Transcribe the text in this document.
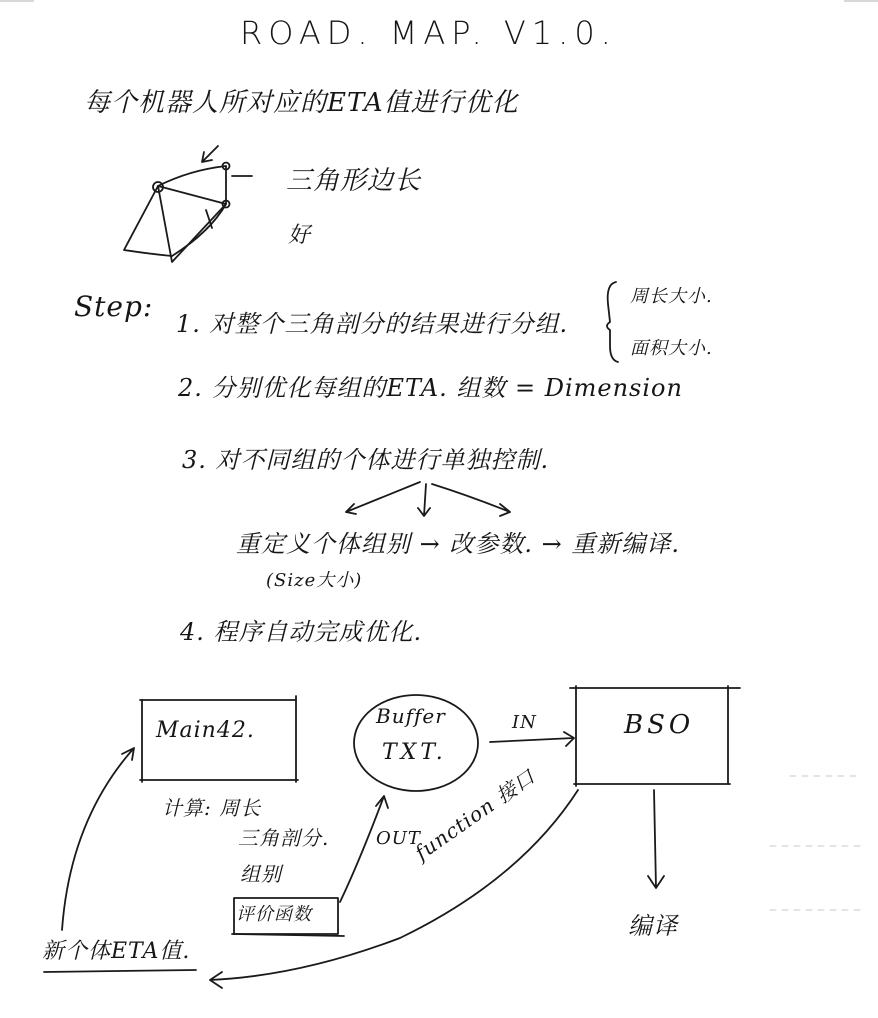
ROAD. MAP. V1.0.
每个机器人所对应的ETA值进行优化
三角形边长
好
Step:
1. 对整个三角剖分的结果进行分组.
2. 分别优化每组的ETA. 组数 = Dimension
3. 对不同组的个体进行单独控制.
4. 程序自动完成优化.
周长大小.
面积大小.
重定义个体组别 → 改参数. → 重新编译.
(Size大小)
Main42.
Buffer
TXT.
IN	BSO
计算: 周长
三角剖分.
组别
评价函数
OUT
function 接口
编译
新个体ETA值.
